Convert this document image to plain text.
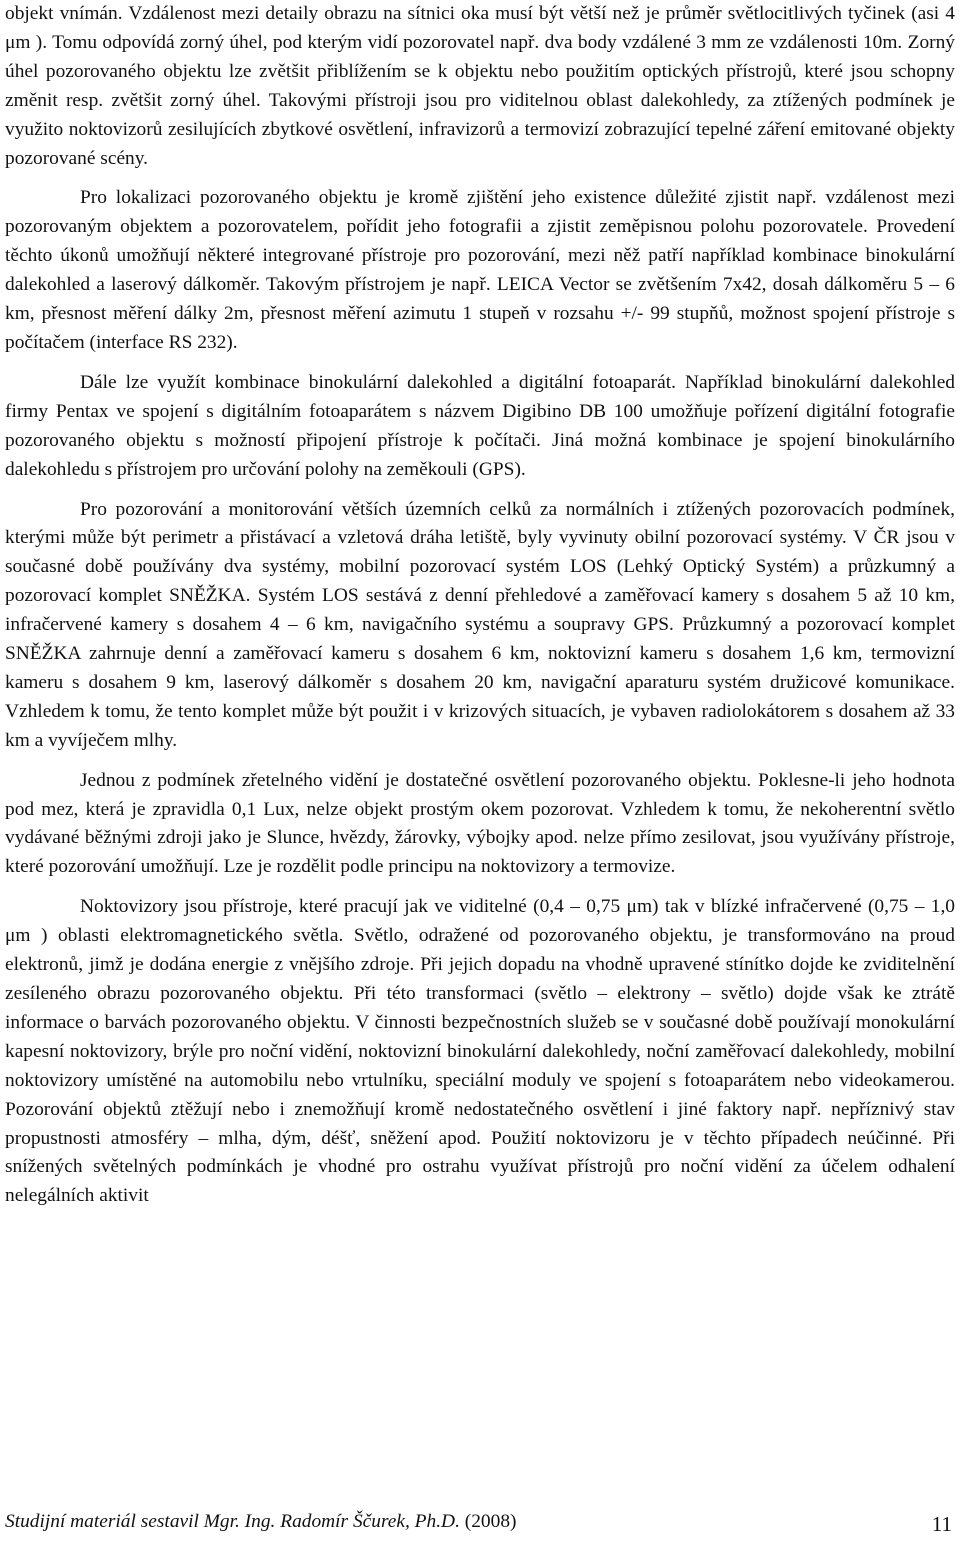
objekt vnímán. Vzdálenost mezi detaily obrazu na sítnici oka musí být větší než je průměr světlocitlivých tyčinek (asi 4 μm ). Tomu odpovídá zorný úhel, pod kterým vidí pozorovatel např. dva body vzdálené 3 mm ze vzdálenosti 10m. Zorný úhel pozorovaného objektu lze zvětšit přiblížením se k objektu nebo použitím optických přístrojů, které jsou schopny změnit resp. zvětšit zorný úhel. Takovými přístroji jsou pro viditelnou oblast dalekohledy, za ztížených podmínek je využito noktovizorů zesilujících zbytkové osvětlení, infravizorů a termovizí zobrazující tepelné záření emitované objekty pozorované scény.

Pro lokalizaci pozorovaného objektu je kromě zjištění jeho existence důležité zjistit např. vzdálenost mezi pozorovaným objektem a pozorovatelem, pořídit jeho fotografii a zjistit zeměpisnou polohu pozorovatele. Provedení těchto úkonů umožňují některé integrované přístroje pro pozorování, mezi něž patří například kombinace binokulární dalekohled a laserový dálkoměr. Takovým přístrojem je např. LEICA Vector se zvětšením 7x42, dosah dálkoměru 5 – 6 km, přesnost měření dálky 2m, přesnost měření azimutu 1 stupeň v rozsahu +/- 99 stupňů, možnost spojení přístroje s počítačem (interface RS 232).

Dále lze využít kombinace binokulární dalekohled a digitální fotoaparát. Například binokulární dalekohled firmy Pentax ve spojení s digitálním fotoaparátem s názvem Digibino DB 100 umožňuje pořízení digitální fotografie pozorovaného objektu s možností připojení přístroje k počítači. Jiná možná kombinace je spojení binokulárního dalekohledu s přístrojem pro určování polohy na zeměkouli (GPS).

Pro pozorování a monitorování větších územních celků za normálních i ztížených pozorovacích podmínek, kterými může být perimetr a přistávací a vzletová dráha letiště, byly vyvinuty obilní pozorovací systémy. V ČR jsou v současné době používány dva systémy, mobilní pozorovací systém LOS (Lehký Optický Systém) a průzkumný a pozorovací komplet SNĚŽKA. Systém LOS sestává z denní přehledové a zaměřovací kamery s dosahem 5 až 10 km, infračervené kamery s dosahem 4 – 6 km, navigačního systému a soupravy GPS. Průzkumný a pozorovací komplet SNĚŽKA zahrnuje denní a zaměřovací kameru s dosahem 6 km, noktovizní kameru s dosahem 1,6 km, termovizní kameru s dosahem 9 km, laserový dálkoměr s dosahem 20 km, navigační aparaturu systém družicové komunikace. Vzhledem k tomu, že tento komplet může být použit i v krizových situacích, je vybaven radiolokátorem s dosahem až 33 km a vyvíječem mlhy.

Jednou z podmínek zřetelného vidění je dostatečné osvětlení pozorovaného objektu. Poklesne-li jeho hodnota pod mez, která je zpravidla 0,1 Lux, nelze objekt prostým okem pozorovat. Vzhledem k tomu, že nekoherentní světlo vydávané běžnými zdroji jako je Slunce, hvězdy, žárovky, výbojky apod. nelze přímo zesilovat, jsou využívány přístroje, které pozorování umožňují. Lze je rozdělit podle principu na noktovizory a termovize.

Noktovizory jsou přístroje, které pracují jak ve viditelné (0,4 – 0,75 μm) tak v blízké infračervené (0,75 – 1,0 μm ) oblasti elektromagnetického světla. Světlo, odražené od pozorovaného objektu, je transformováno na proud elektronů, jimž je dodána energie z vnějšího zdroje. Při jejich dopadu na vhodně upravené stínítko dojde ke zviditelnění zesíleného obrazu pozorovaného objektu. Při této transformaci (světlo – elektrony – světlo) dojde však ke ztrátě informace o barvách pozorovaného objektu. V činnosti bezpečnostních služeb se v současné době používají monokulární kapesní noktovizory, brýle pro noční vidění, noktovizní binokulární dalekohledy, noční zaměřovací dalekohledy, mobilní noktovizory umístěné na automobilu nebo vrtulníku, speciální moduly ve spojení s fotoaparátem nebo videokamerou. Pozorování objektů ztěžují nebo i znemožňují kromě nedostatečného osvětlení i jiné faktory např. nepříznivý stav propustnosti atmosféry – mlha, dým, déšť, sněžení apod. Použití noktovizoru je v těchto případech neúčinné. Při snížených světelných podmínkách je vhodné pro ostrahu využívat přístrojů pro noční vidění za účelem odhalení nelegálních aktivit

Studijní materiál sestavil Mgr. Ing. Radomír Ščurek, Ph.D. (2008)	11
